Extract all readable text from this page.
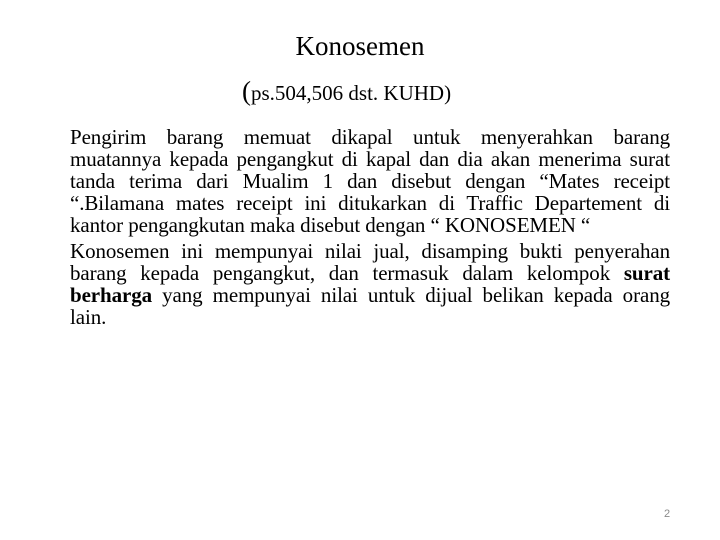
Konosemen
(ps.504,506 dst. KUHD)

Pengirim barang memuat dikapal untuk menyerahkan barang muatannya kepada pengangkut di kapal dan dia akan menerima surat tanda terima dari Mualim 1 dan disebut dengan “Mates receipt “.Bilamana mates receipt ini ditukarkan di Traffic Departement di kantor pengangkutan maka disebut dengan “ KONOSEMEN “

Konosemen ini mempunyai nilai jual, disamping bukti penyerahan barang kepada pengangkut, dan termasuk dalam kelompok surat berharga yang mempunyai nilai untuk dijual belikan kepada orang lain.

2
